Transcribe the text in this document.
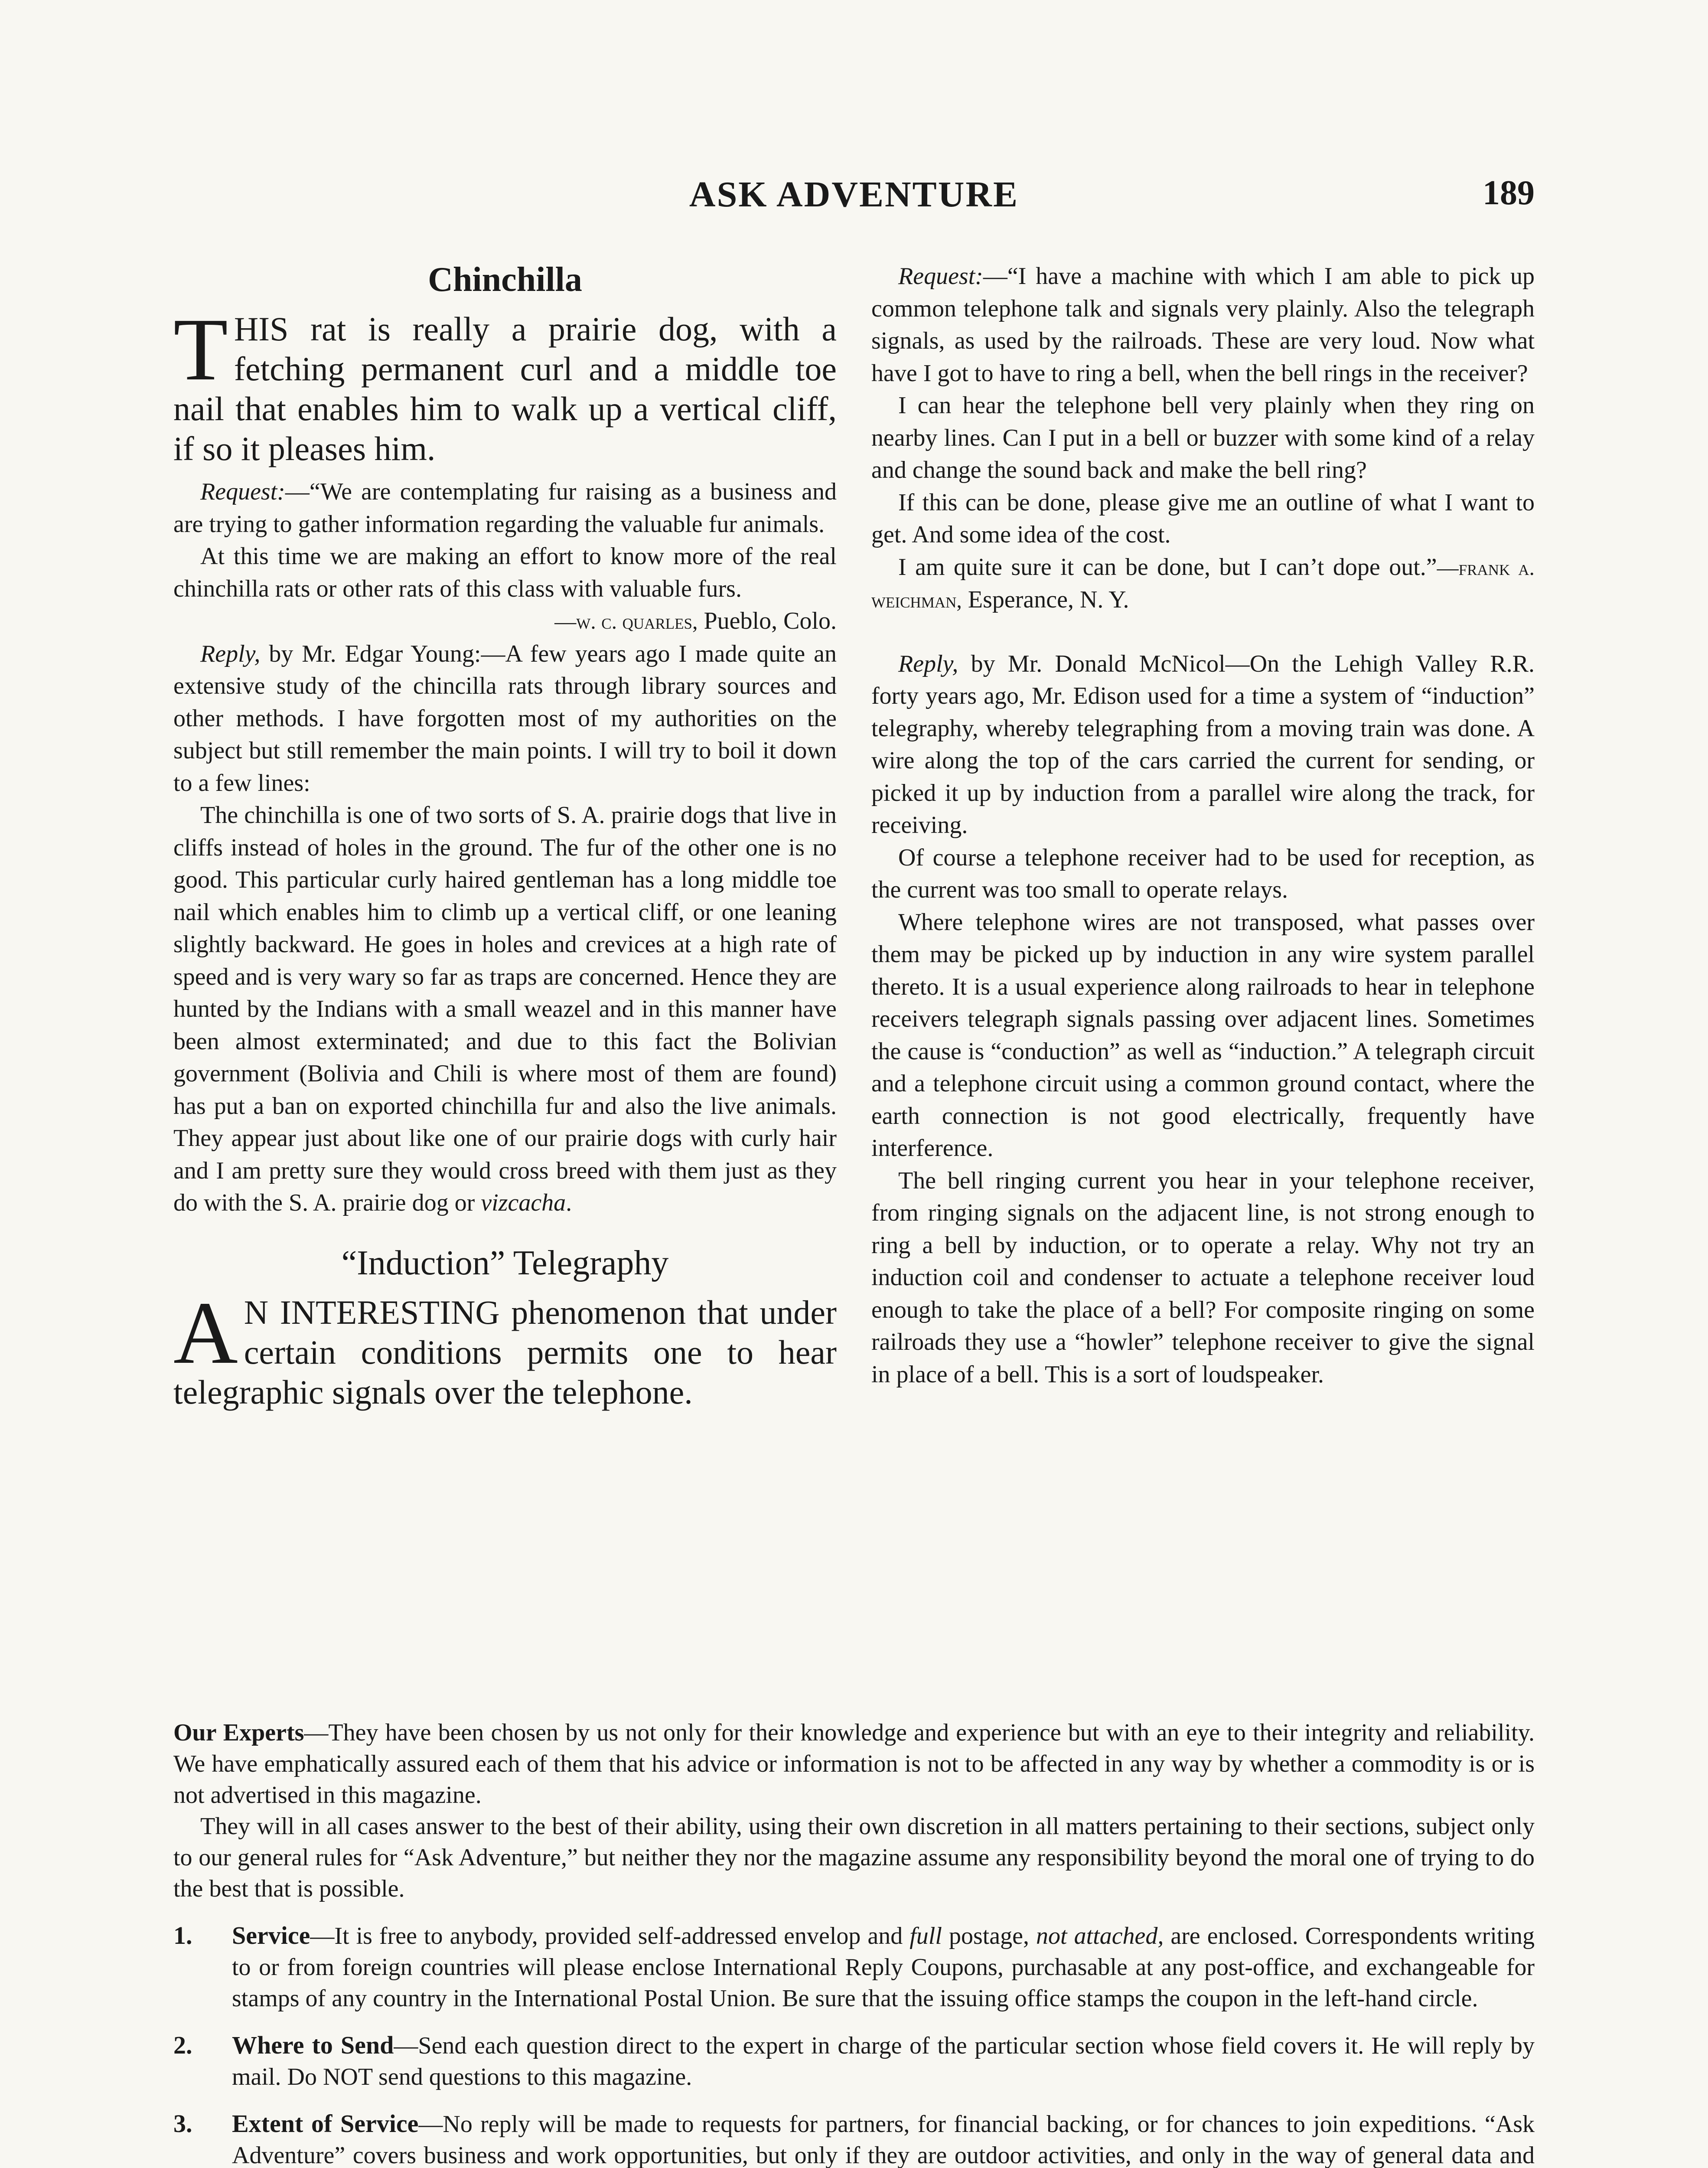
ASK ADVENTURE	189
Chinchilla
THIS rat is really a prairie dog, with a fetching permanent curl and a middle toe nail that enables him to walk up a vertical cliff, if so it pleases him.

Request:—“We are contemplating fur raising as a business and are trying to gather information regarding the valuable fur animals.

At this time we are making an effort to know more of the real chinchilla rats or other rats of this class with valuable furs.

—w. c. quarles, Pueblo, Colo.

Reply, by Mr. Edgar Young:—A few years ago I made quite an extensive study of the chincilla rats through library sources and other methods. I have forgotten most of my authorities on the subject but still remember the main points. I will try to boil it down to a few lines:

The chinchilla is one of two sorts of S. A. prairie dogs that live in cliffs instead of holes in the ground. The fur of the other one is no good. This particular curly haired gentleman has a long middle toe nail which enables him to climb up a vertical cliff, or one leaning slightly backward. He goes in holes and crevices at a high rate of speed and is very wary so far as traps are concerned. Hence they are hunted by the Indians with a small weazel and in this manner have been almost exterminated; and due to this fact the Bolivian government (Bolivia and Chili is where most of them are found) has put a ban on exported chinchilla fur and also the live animals. They appear just about like one of our prairie dogs with curly hair and I am pretty sure they would cross breed with them just as they do with the S. A. prairie dog or vizcacha.

“Induction” Telegraphy
A N INTERESTING phenomenon that under certain conditions permits one to hear telegraphic signals over the telephone.

Request:—“I have a machine with which I am able to pick up common telephone talk and signals very plainly. Also the telegraph signals, as used by the railroads. These are very loud. Now what have I got to have to ring a bell, when the bell rings in the receiver?

I can hear the telephone bell very plainly when they ring on nearby lines. Can I put in a bell or buzzer with some kind of a relay and change the sound back and make the bell ring?

If this can be done, please give me an outline of what I want to get. And some idea of the cost.

I am quite sure it can be done, but I can’t dope out.”—frank a. weichman, Esperance, N. Y.

Reply, by Mr. Donald McNicol—On the Lehigh Valley R.R. forty years ago, Mr. Edison used for a time a system of “induction” telegraphy, whereby telegraphing from a moving train was done. A wire along the top of the cars carried the current for sending, or picked it up by induction from a parallel wire along the track, for receiving.

Of course a telephone receiver had to be used for reception, as the current was too small to operate relays.

Where telephone wires are not transposed, what passes over them may be picked up by induction in any wire system parallel thereto. It is a usual experience along railroads to hear in telephone receivers telegraph signals passing over adjacent lines. Sometimes the cause is “conduction” as well as “induction.” A telegraph circuit and a telephone circuit using a common ground contact, where the earth connection is not good electrically, frequently have interference.

The bell ringing current you hear in your telephone receiver, from ringing signals on the adjacent line, is not strong enough to ring a bell by induction, or to operate a relay. Why not try an induction coil and condenser to actuate a telephone receiver loud enough to take the place of a bell? For composite ringing on some railroads they use a “howler” telephone receiver to give the signal in place of a bell. This is a sort of loudspeaker.

Our Experts—They have been chosen by us not only for their knowledge and experience but with an eye to their integrity and reliability. We have emphatically assured each of them that his advice or information is not to be affected in any way by whether a commodity is or is not advertised in this magazine.

They will in all cases answer to the best of their ability, using their own discretion in all matters pertaining to their sections, subject only to our general rules for “Ask Adventure,” but neither they nor the magazine assume any responsibility beyond the moral one of trying to do the best that is possible.

1.	Service—It is free to anybody, provided self-addressed envelop and full postage, not attached, are enclosed. Correspondents writing to or from foreign countries will please enclose International Reply Coupons, purchasable at any post-office, and exchangeable for stamps of any country in the International Postal Union. Be sure that the issuing office stamps the coupon in the left-hand circle.
2.	Where to Send—Send each question direct to the expert in charge of the particular section whose field covers it. He will reply by mail. Do NOT send questions to this magazine.
3.	Extent of Service—No reply will be made to requests for partners, for financial backing, or for chances to join expeditions. “Ask Adventure” covers business and work opportunities, but only if they are outdoor activities, and only in the way of general data and
